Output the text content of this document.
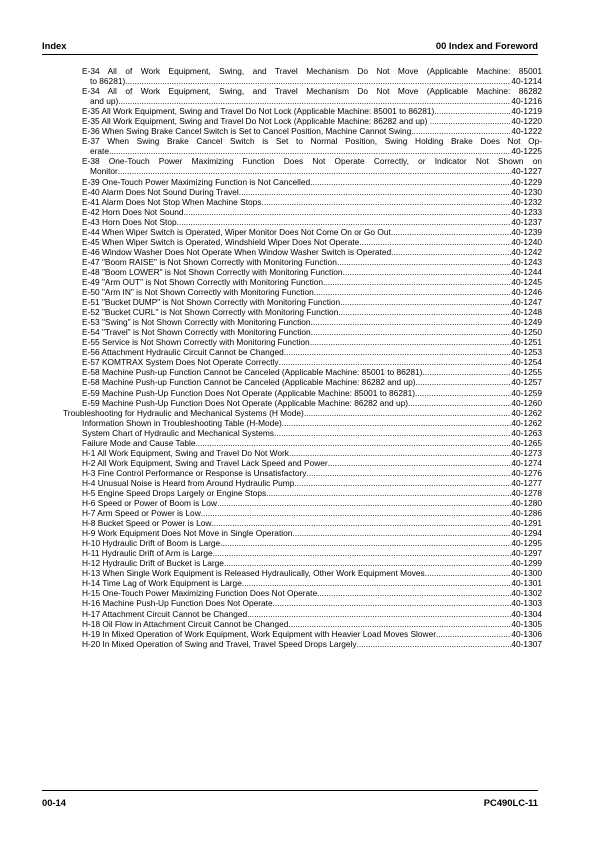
Index	00 Index and Foreword
E-34 All of Work Equipment, Swing, and Travel Mechanism Do Not Move (Applicable Machine: 85001
to 86281) .....	40-1214
E-34 All of Work Equipment, Swing, and Travel Mechanism Do Not Move (Applicable Machine: 86282
and up) .....	40-1216
E-35 All Work Equipment, Swing and Travel Do Not Lock (Applicable Machine: 85001 to 86281) .....	40-1219
E-35 All Work Equipment, Swing and Travel Do Not Lock (Applicable Machine: 86282 and up) . .....	40-1220
E-36 When Swing Brake Cancel Switch is Set to Cancel Position, Machine Cannot Swing .....	40-1222
E-37 When Swing Brake Cancel Switch is Set to Normal Position, Swing Holding Brake Does Not Op-
erate .....	40-1225
E-38 One-Touch Power Maximizing Function Does Not Operate Correctly, or Indicator Not Shown on
Monitor .....	40-1227
E-39 One-Touch Power Maximizing Function is Not Cancelled .....	40-1229
E-40 Alarm Does Not Sound During Travel .....	40-1230
E-41 Alarm Does Not Stop When Machine Stops .....	40-1232
E-42 Horn Does Not Sound .....	40-1233
E-43 Horn Does Not Stop .....	40-1237
E-44 When Wiper Switch is Operated, Wiper Monitor Does Not Come On or Go Out .....	40-1239
E-45 When Wiper Switch is Operated, Windshield Wiper Does Not Operate .....	40-1240
E-46 Window Washer Does Not Operate When Window Washer Switch is Operated .....	40-1242
E-47 "Boom RAISE" is Not Shown Correctly with Monitoring Function .....	40-1243
E-48 "Boom LOWER" is Not Shown Correctly with Monitoring Function .....	40-1244
E-49 "Arm OUT" is Not Shown Correctly with Monitoring Function .....	40-1245
E-50 "Arm IN" is Not Shown Correctly with Monitoring Function .....	40-1246
E-51 "Bucket DUMP" is Not Shown Correctly with Monitoring Function .....	40-1247
E-52 "Bucket CURL" is Not Shown Correctly with Monitoring Function .....	40-1248
E-53 "Swing" is Not Shown Correctly with Monitoring Function .....	40-1249
E-54 "Travel" is Not Shown Correctly with Monitoring Function .....	40-1250
E-55 Service is Not Shown Correctly with Monitoring Function .....	40-1251
E-56 Attachment Hydraulic Circuit Cannot be Changed .....	40-1253
E-57 KOMTRAX System Does Not Operate Correctly .....	40-1254
E-58 Machine Push-up Function Cannot be Canceled (Applicable Machine: 85001 to 86281) .....	40-1255
E-58 Machine Push-up Function Cannot be Canceled (Applicable Machine: 86282 and up) .....	40-1257
E-59 Machine Push-Up Function Does Not Operate (Applicable Machine: 85001 to 86281) .....	40-1259
E-59 Machine Push-Up Function Does Not Operate (Applicable Machine: 86282 and up) .....	40-1260
Troubleshooting for Hydraulic and Mechanical Systems (H Mode) .....	40-1262
Information Shown in Troubleshooting Table (H-Mode) .....	40-1262
System Chart of Hydraulic and Mechanical Systems .....	40-1263
Failure Mode and Cause Table .....	40-1265
H-1 All Work Equipment, Swing and Travel Do Not Work .....	40-1273
H-2 All Work Equipment, Swing and Travel Lack Speed and Power .....	40-1274
H-3 Fine Control Performance or Response is Unsatisfactory .....	40-1276
H-4 Unusual Noise is Heard from Around Hydraulic Pump .....	40-1277
H-5 Engine Speed Drops Largely or Engine Stops .....	40-1278
H-6 Speed or Power of Boom is Low .....	40-1280
H-7 Arm Speed or Power is Low .....	40-1286
H-8 Bucket Speed or Power is Low .....	40-1291
H-9 Work Equipment Does Not Move in Single Operation .....	40-1294
H-10 Hydraulic Drift of Boom is Large .....	40-1295
H-11 Hydraulic Drift of Arm is Large .....	40-1297
H-12 Hydraulic Drift of Bucket is Large .....	40-1299
H-13 When Single Work Equipment is Released Hydraulically, Other Work Equipment Moves .....	40-1300
H-14 Time Lag of Work Equipment is Large .....	40-1301
H-15 One-Touch Power Maximizing Function Does Not Operate .....	40-1302
H-16 Machine Push-Up Function Does Not Operate .....	40-1303
H-17 Attachment Circuit Cannot be Changed .....	40-1304
H-18 Oil Flow in Attachment Circuit Cannot be Changed .....	40-1305
H-19 In Mixed Operation of Work Equipment, Work Equipment with Heavier Load Moves Slower .....	40-1306
H-20 In Mixed Operation of Swing and Travel, Travel Speed Drops Largely .....	40-1307
00-14	PC490LC-11
